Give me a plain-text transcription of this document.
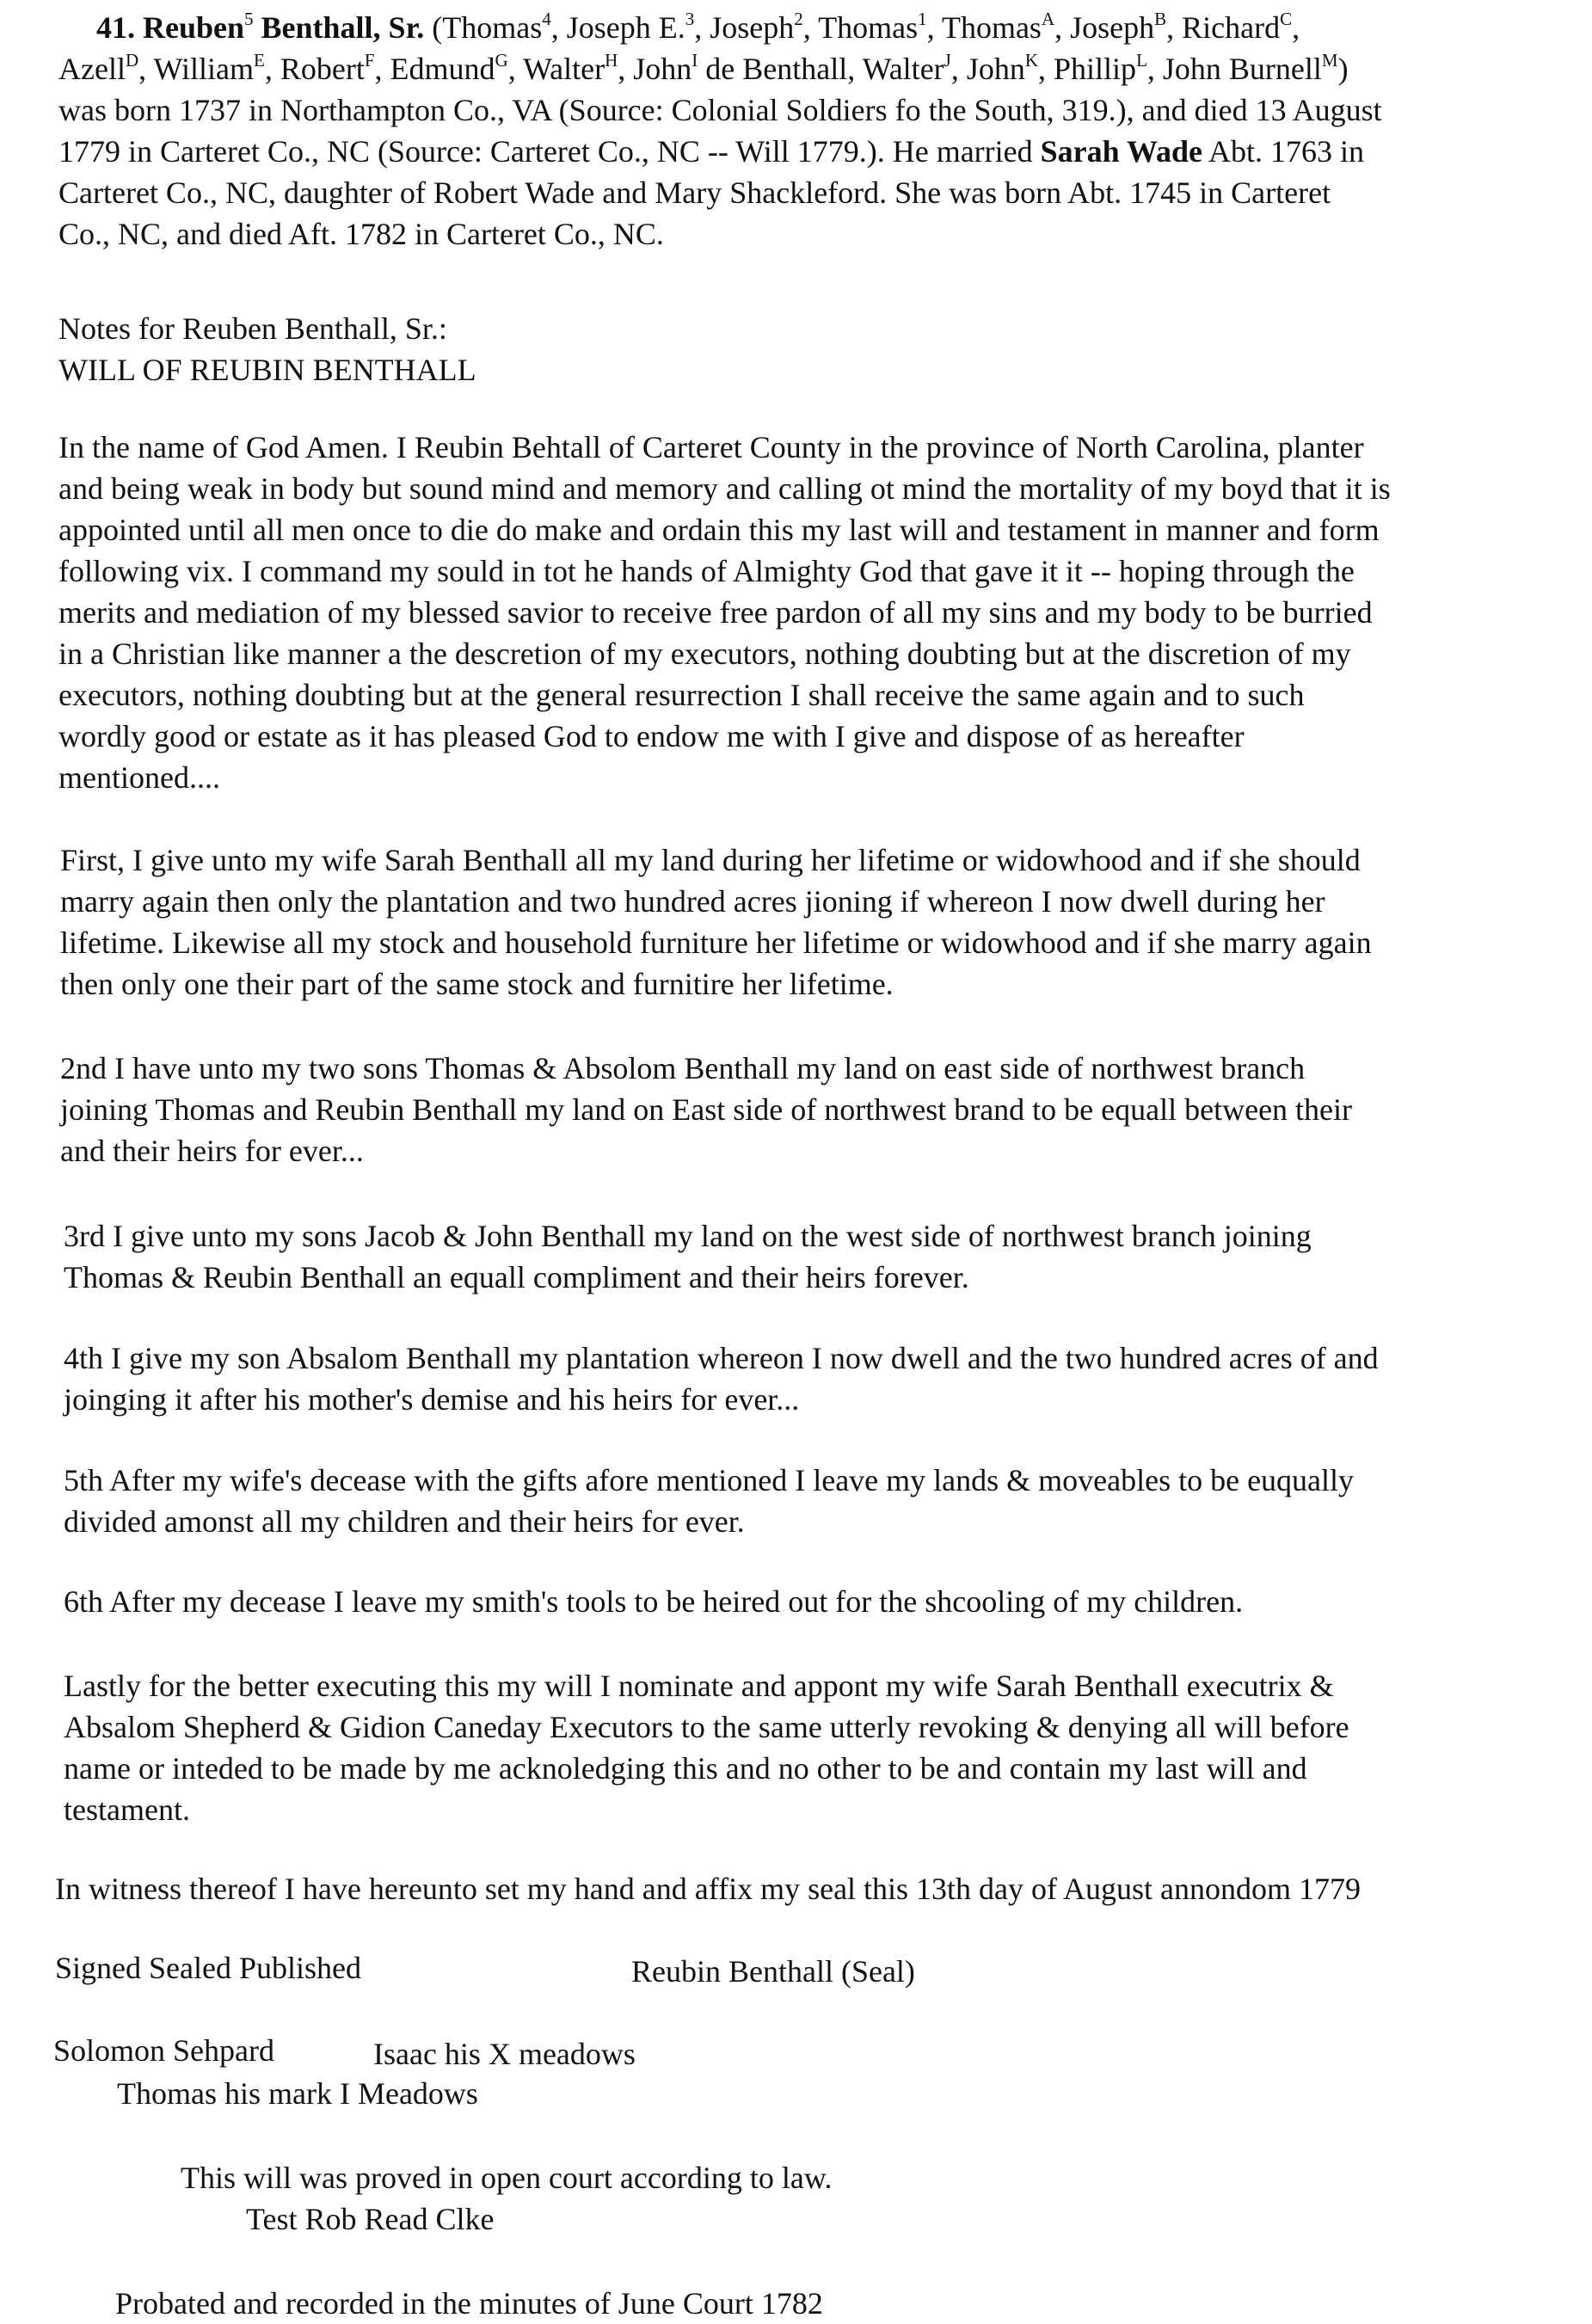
41. Reuben$^5$ Benthall, Sr. (Thomas$^4$, Joseph E.$^3$, Joseph$^2$, Thomas$^1$, Thomas$^A$, Joseph$^B$, Richard$^C$,
Azell$^D$, William$^E$, Robert$^F$, Edmund$^G$, Walter$^H$, John$^I$ de Benthall, Walter$^J$, John$^K$, Phillip$^L$, John Burnell$^M$)
was born 1737 in Northampton Co., VA (Source: Colonial Soldiers fo the South, 319.), and died 13 August
1779 in Carteret Co., NC (Source: Carteret Co., NC -- Will 1779.). He married Sarah Wade Abt. 1763 in
Carteret Co., NC, daughter of Robert Wade and Mary Shackleford. She was born Abt. 1745 in Carteret
Co., NC, and died Aft. 1782 in Carteret Co., NC.
Notes for Reuben Benthall, Sr.:
WILL OF REUBIN BENTHALL
In the name of God Amen. I Reubin Behtall of Carteret County in the province of North Carolina, planter
and being weak in body but sound mind and memory and calling ot mind the mortality of my boyd that it is
appointed until all men once to die do make and ordain this my last will and testament in manner and form
following vix. I command my sould in tot he hands of Almighty God that gave it it -- hoping through the
merits and mediation of my blessed savior to receive free pardon of all my sins and my body to be burried
in a Christian like manner a the descretion of my executors, nothing doubting but at the discretion of my
executors, nothing doubting but at the general resurrection I shall receive the same again and to such
wordly good or estate as it has pleased God to endow me with I give and dispose of as hereafter
mentioned....
First, I give unto my wife Sarah Benthall all my land during her lifetime or widowhood and if she should
marry again then only the plantation and two hundred acres jioning if whereon I now dwell during her
lifetime. Likewise all my stock and household furniture her lifetime or widowhood and if she marry again
then only one their part of the same stock and furnitire her lifetime.
2nd I have unto my two sons Thomas & Absolom Benthall my land on east side of northwest branch
joining Thomas and Reubin Benthall my land on East side of northwest brand to be equall between their
and their heirs for ever...
3rd I give unto my sons Jacob & John Benthall my land on the west side of northwest branch joining
Thomas & Reubin Benthall an equall compliment and their heirs forever.
4th I give my son Absalom Benthall my plantation whereon I now dwell and the two hundred acres of and
joinging it after his mother's demise and his heirs for ever...
5th After my wife's decease with the gifts afore mentioned I leave my lands & moveables to be euqually
divided amonst all my children and their heirs for ever.
6th After my decease I leave my smith's tools to be heired out for the shcooling of my children.
Lastly for the better executing this my will I nominate and appont my wife Sarah Benthall executrix &
Absalom Shepherd & Gidion Caneday Executors to the same utterly revoking & denying all will before
name or inteded to be made by me acknoledging this and no other to be and contain my last will and
testament.
In witness thereof I have hereunto set my hand and affix my seal this 13th day of August annondom 1779
Signed Sealed Published	Reubin Benthall (Seal)
Solomon Sehpard	Isaac his X meadows
Thomas his mark I Meadows
This will was proved in open court according to law.
Test Rob Read Clke
Probated and recorded in the minutes of June Court 1782
